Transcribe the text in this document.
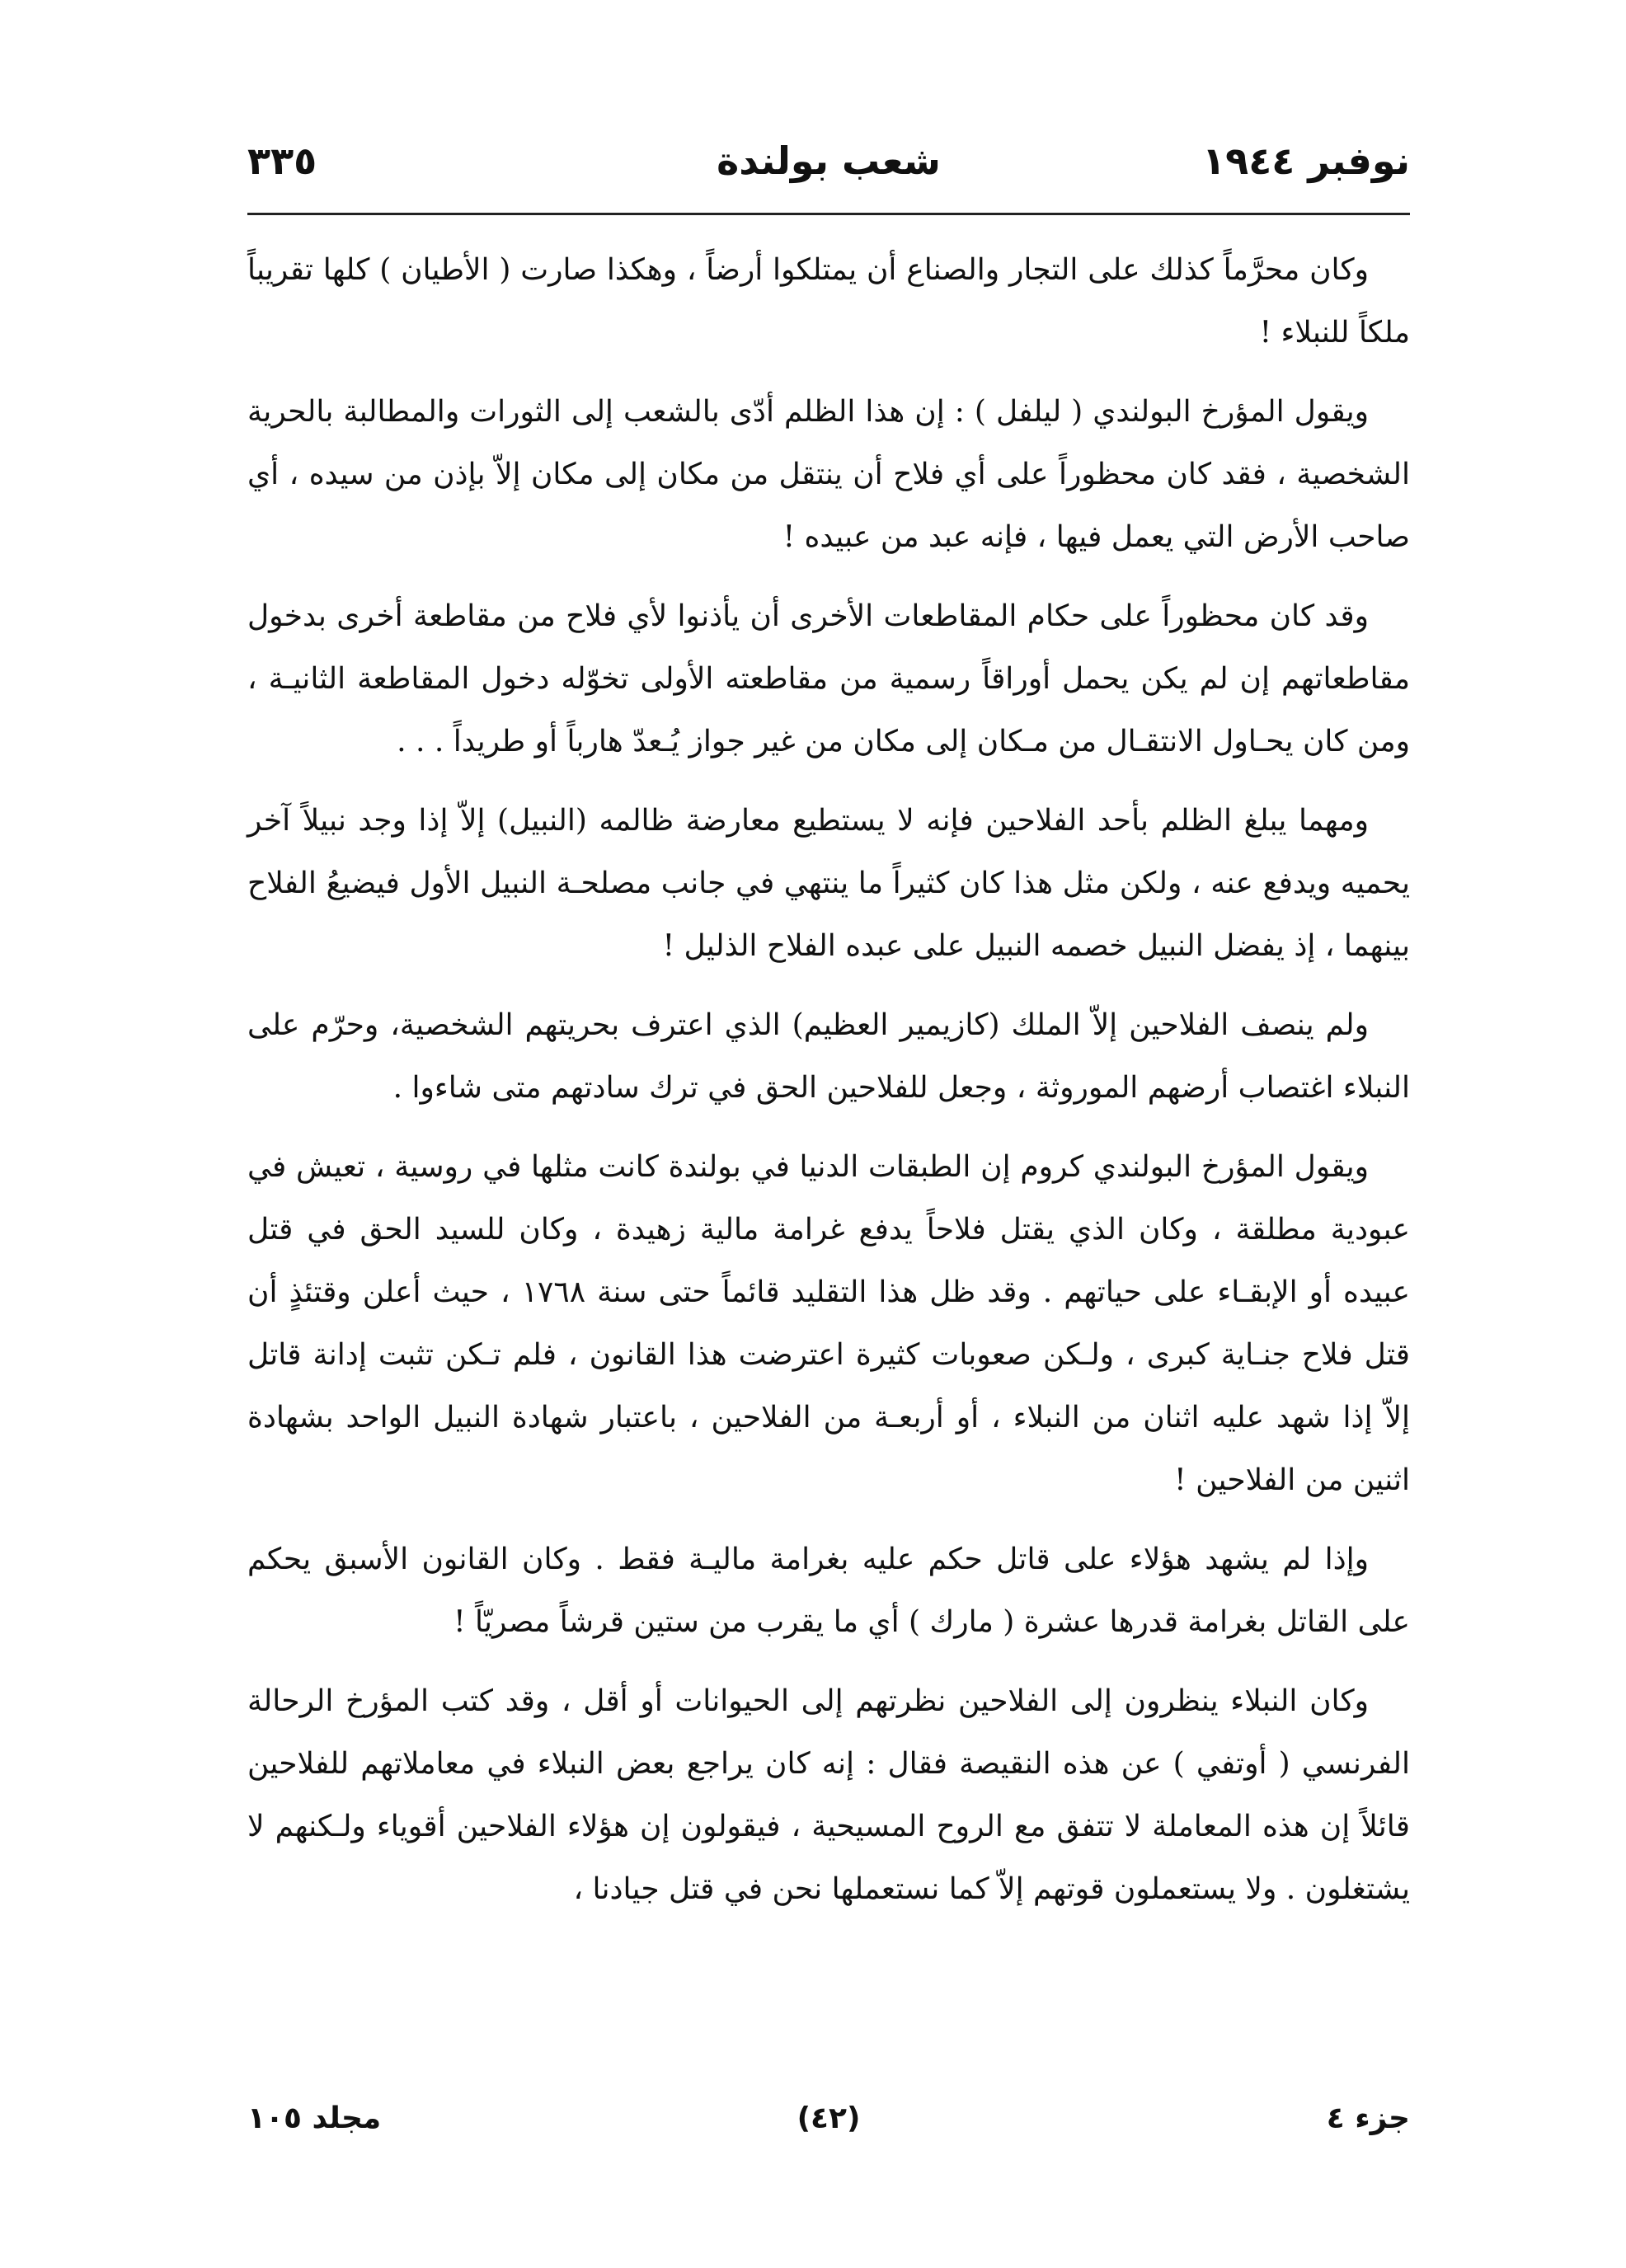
نوفبر ١٩٤٤
شعب بولندة
٣٣٥

وكان محرَّماً كذلك على التجار والصناع أن يمتلكوا أرضاً ، وهكذا صارت ( الأطيان ) كلها تقريباً ملكاً للنبلاء !

ويقول المؤرخ البولندي ( ليلفل ) : إن هذا الظلم أدّى بالشعب إلى الثورات والمطالبة بالحرية الشخصية ، فقد كان محظوراً على أي فلاح أن ينتقل من مكان إلى مكان إلاّ بإذن من سيده ، أي صاحب الأرض التي يعمل فيها ، فإنه عبد من عبيده !

وقد كان محظوراً على حكام المقاطعات الأخرى أن يأذنوا لأي فلاح من مقاطعة أخرى بدخول مقاطعاتهم إن لم يكن يحمل أوراقاً رسمية من مقاطعته الأولى تخوّله دخول المقاطعة الثانيـة ، ومن كان يحـاول الانتقـال من مـكان إلى مكان من غير جواز يُـعدّ هارباً أو طريداً . . .

ومهما يبلغ الظلم بأحد الفلاحين فإنه لا يستطيع معارضة ظالمه (النبيل) إلاّ إذا وجد نبيلاً آخر يحميه ويدفع عنه ، ولكن مثل هذا كان كثيراً ما ينتهي في جانب مصلحـة النبيل الأول فيضيعُ الفلاح بينهما ، إذ يفضل النبيل خصمه النبيل على عبده الفلاح الذليل !

ولم ينصف الفلاحين إلاّ الملك (كازيمير العظيم) الذي اعترف بحريتهم الشخصية، وحرّم على النبلاء اغتصاب أرضهم الموروثة ، وجعل للفلاحين الحق في ترك سادتهم متى شاءوا .

ويقول المؤرخ البولندي كروم إن الطبقات الدنيا في بولندة كانت مثلها في روسية ، تعيش في عبودية مطلقة ، وكان الذي يقتل فلاحاً يدفع غرامة مالية زهيدة ، وكان للسيد الحق في قتل عبيده أو الإبقـاء على حياتهم . وقد ظل هذا التقليد قائماً حتى سنة ١٧٦٨ ، حيث أعلن وقتئذٍ أن قتل فلاح جنـاية كبرى ، ولـكن صعوبات كثيرة اعترضت هذا القانون ، فلم تـكن تثبت إدانة قاتل إلاّ إذا شهد عليه اثنان من النبلاء ، أو أربعـة من الفلاحين ، باعتبار شهادة النبيل الواحد بشهادة اثنين من الفلاحين !

وإذا لم يشهد هؤلاء على قاتل حكم عليه بغرامة ماليـة فقط . وكان القانون الأسبق يحكم على القاتل بغرامة قدرها عشرة ( مارك ) أي ما يقرب من ستين قرشاً مصريّاً !

وكان النبلاء ينظرون إلى الفلاحين نظرتهم إلى الحيوانات أو أقل ، وقد كتب المؤرخ الرحالة الفرنسي ( أوتفي ) عن هذه النقيصة فقال : إنه كان يراجع بعض النبلاء في معاملاتهم للفلاحين قائلاً إن هذه المعاملة لا تتفق مع الروح المسيحية ، فيقولون إن هؤلاء الفلاحين أقوياء ولـكنهم لا يشتغلون . ولا يستعملون قوتهم إلاّ كما نستعملها نحن في قتل جيادنا ،

جزء ٤
(٤٢)
مجلد ١٠٥
